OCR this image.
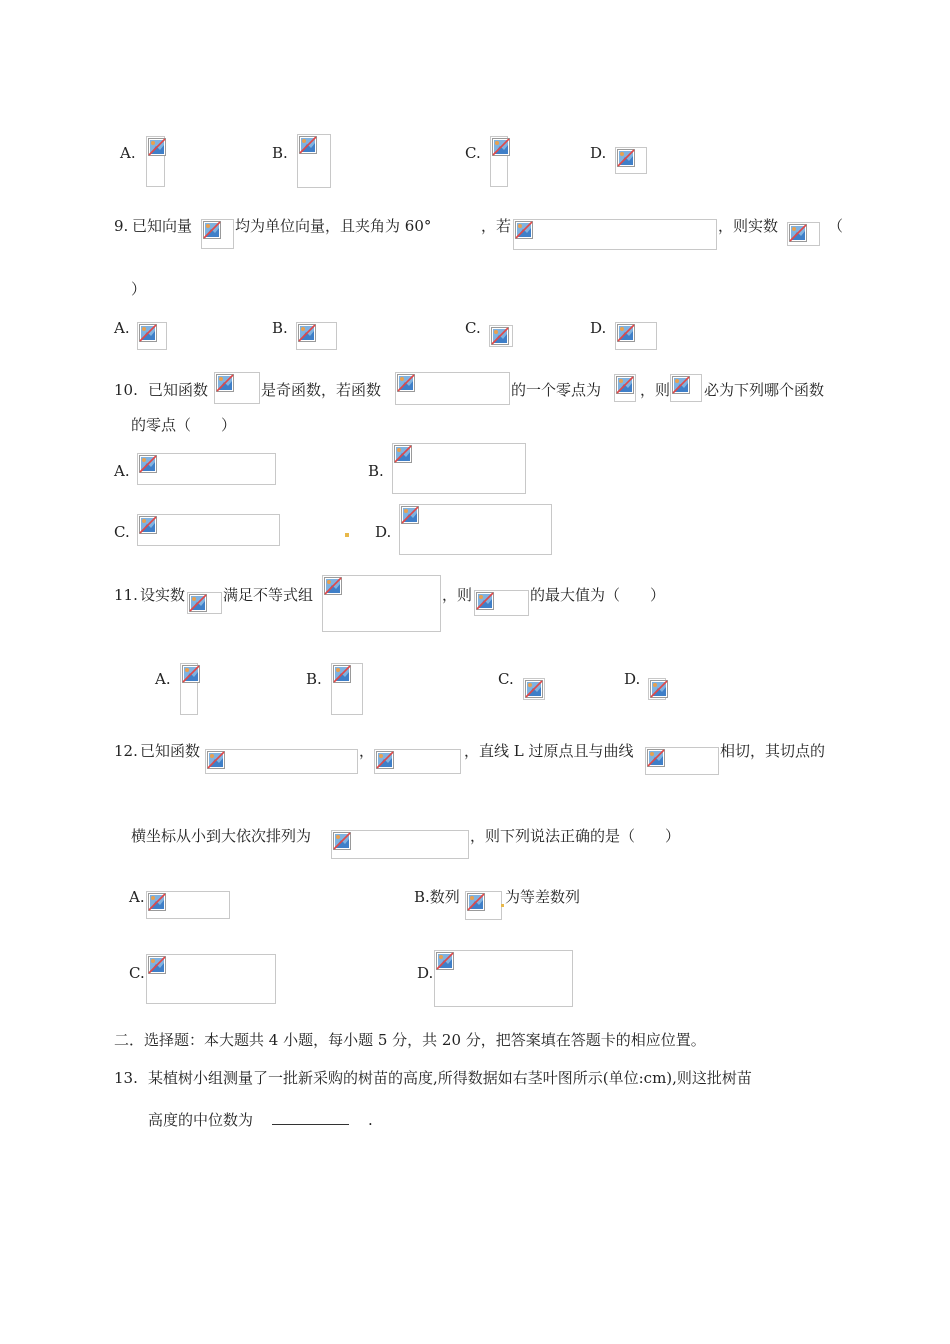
A.	B.	C.	D.
9. 已知向量	均为单位向量，且夹角为 60°	，若	，则实数	（
）
A.	B.	C.	D.
10. 已知函数	是奇函数，若函数	的一个零点为	，则 必为下列哪个函数
的零点（　　）
A.	B.
C.	D.
11. 设实数	满足不等式组	，则	的最大值为（　　）
A.	B.	C.	D.
12. 已知函数	，	，直线 L 过原点且与曲线	相切，其切点的
横坐标从小到大依次排列为	，则下列说法正确的是（　　）
A.	B.数列	为等差数列
C.	D.
二．选择题：本大题共 4 小题，每小题 5 分，共 20 分，把答案填在答题卡的相应位置。
13. 某植树小组测量了一批新采购的树苗的高度,所得数据如右茎叶图所示(单位:cm),则这批树苗
高度的中位数为	.
